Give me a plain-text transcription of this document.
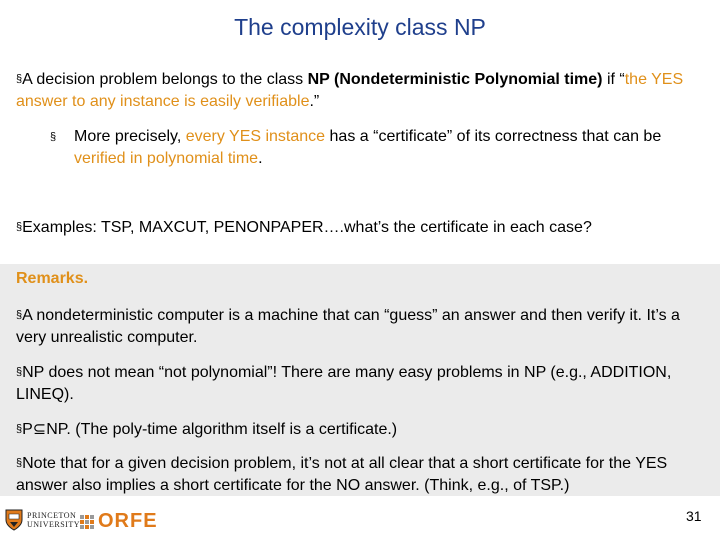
The complexity class NP
§A decision problem belongs to the class NP (Nondeterministic Polynomial time) if “the YES answer to any instance is easily verifiable.”
§	More precisely, every YES instance has a “certificate” of its correctness that can be verified in polynomial time.
§Examples: TSP, MAXCUT, PENONPAPER….what’s the certificate in each case?
Remarks.
§A nondeterministic computer is a machine that can “guess” an answer and then verify it. It’s a very unrealistic computer.
§NP does not mean “not polynomial”! There are many easy problems in NP (e.g., ADDITION, LINEQ).
§P⊆NP. (The poly-time algorithm itself is a certificate.)
§Note that for a given decision problem, it’s not at all clear that a short certificate for the YES answer also implies a short certificate for the NO answer. (Think, e.g., of TSP.)
PRINCETON
UNIVERSITY ORFE	31
